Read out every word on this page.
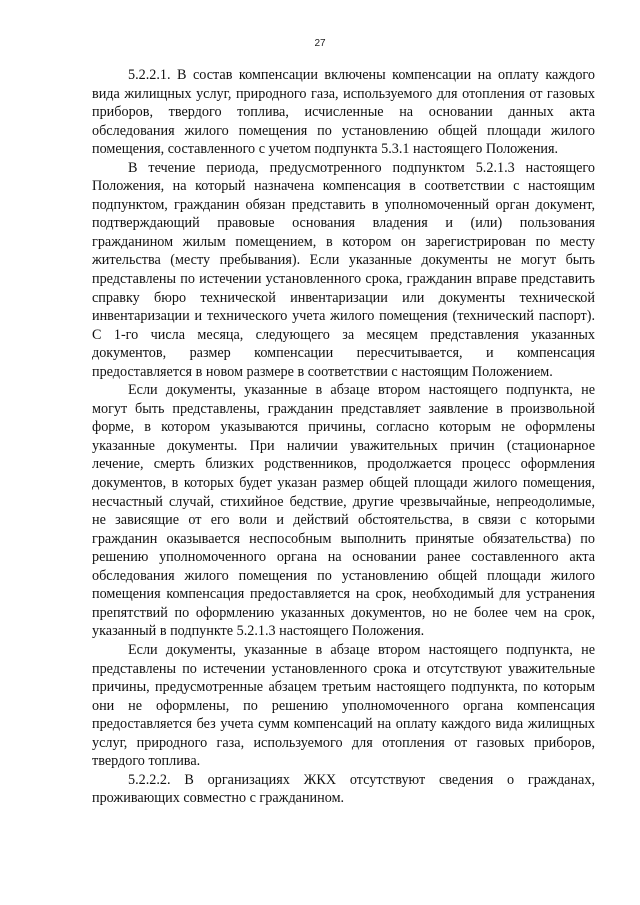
27

5.2.2.1. В состав компенсации включены компенсации на оплату каждого вида жилищных услуг, природного газа, используемого для отопления от газовых приборов, твердого топлива, исчисленные на основании данных акта обследования жилого помещения по установлению общей площади жилого помещения, составленного с учетом подпункта 5.3.1 настоящего Положения.

В течение периода, предусмотренного подпунктом 5.2.1.3 настоящего Положения, на который назначена компенсация в соответствии с настоящим подпунктом, гражданин обязан представить в уполномоченный орган документ, подтверждающий правовые основания владения и (или) пользования гражданином жилым помещением, в котором он зарегистрирован по месту жительства (месту пребывания). Если указанные документы не могут быть представлены по истечении установленного срока, гражданин вправе представить справку бюро технической инвентаризации или документы технической инвентаризации и технического учета жилого помещения (технический паспорт). С 1-го числа месяца, следующего за месяцем представления указанных документов, размер компенсации пересчитывается, и компенсация предоставляется в новом размере в соответствии с настоящим Положением.

Если документы, указанные в абзаце втором настоящего подпункта, не могут быть представлены, гражданин представляет заявление в произвольной форме, в котором указываются причины, согласно которым не оформлены указанные документы. При наличии уважительных причин (стационарное лечение, смерть близких родственников, продолжается процесс оформления документов, в которых будет указан размер общей площади жилого помещения, несчастный случай, стихийное бедствие, другие чрезвычайные, непреодолимые, не зависящие от его воли и действий обстоятельства, в связи с которыми гражданин оказывается неспособным выполнить принятые обязательства) по решению уполномоченного органа на основании ранее составленного акта обследования жилого помещения по установлению общей площади жилого помещения компенсация предоставляется на срок, необходимый для устранения препятствий по оформлению указанных документов, но не более чем на срок, указанный в подпункте 5.2.1.3 настоящего Положения.

Если документы, указанные в абзаце втором настоящего подпункта, не представлены по истечении установленного срока и отсутствуют уважительные причины, предусмотренные абзацем третьим настоящего подпункта, по которым они не оформлены, по решению уполномоченного органа компенсация предоставляется без учета сумм компенсаций на оплату каждого вида жилищных услуг, природного газа, используемого для отопления от газовых приборов, твердого топлива.

5.2.2.2. В организациях ЖКХ отсутствуют сведения о гражданах, проживающих совместно с гражданином.
